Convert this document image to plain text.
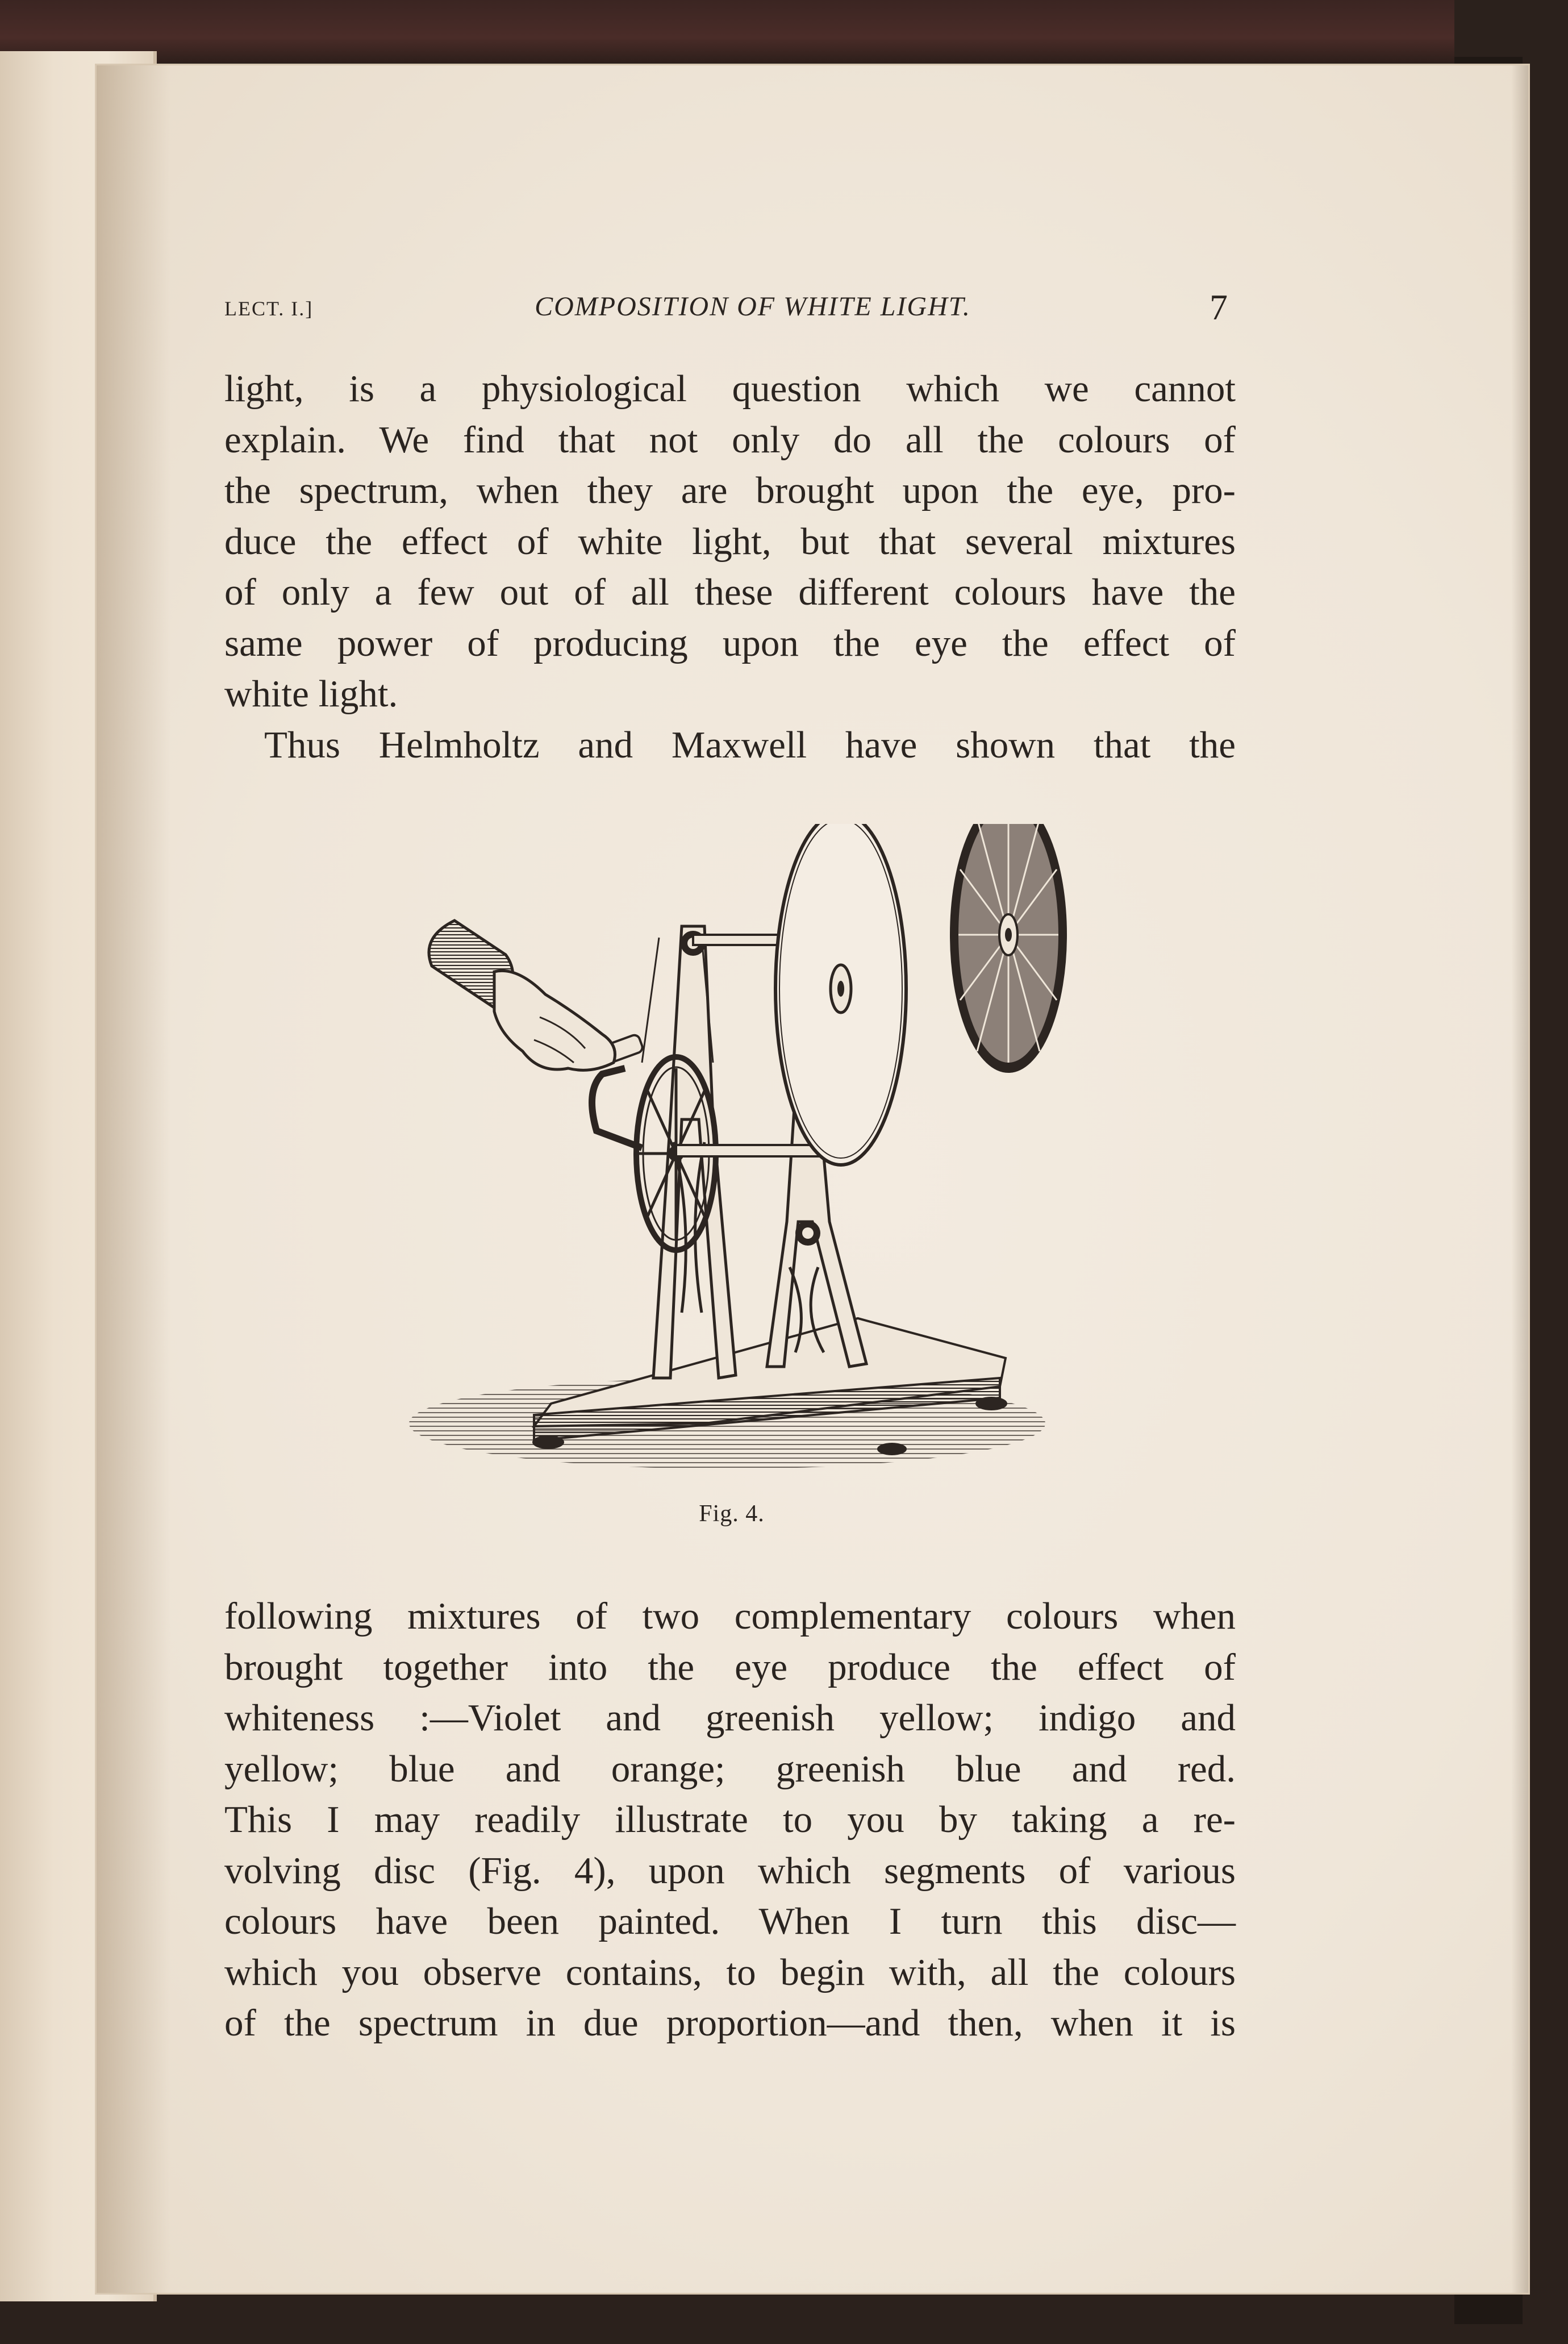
LECT. I.]	COMPOSITION OF WHITE LIGHT.	7
light, is a physiological question which we cannot
explain. We find that not only do all the colours of
the spectrum, when they are brought upon the eye, pro-
duce the effect of white light, but that several mixtures
of only a few out of all these different colours have the
same power of producing upon the eye the effect of
white light.
Thus Helmholtz and Maxwell have shown that the
Fig. 4.
following mixtures of two complementary colours when
brought together into the eye produce the effect of
whiteness :—Violet and greenish yellow; indigo and
yellow; blue and orange; greenish blue and red.
This I may readily illustrate to you by taking a re-
volving disc (Fig. 4), upon which segments of various
colours have been painted. When I turn this disc—
which you observe contains, to begin with, all the colours
of the spectrum in due proportion—and then, when it is
